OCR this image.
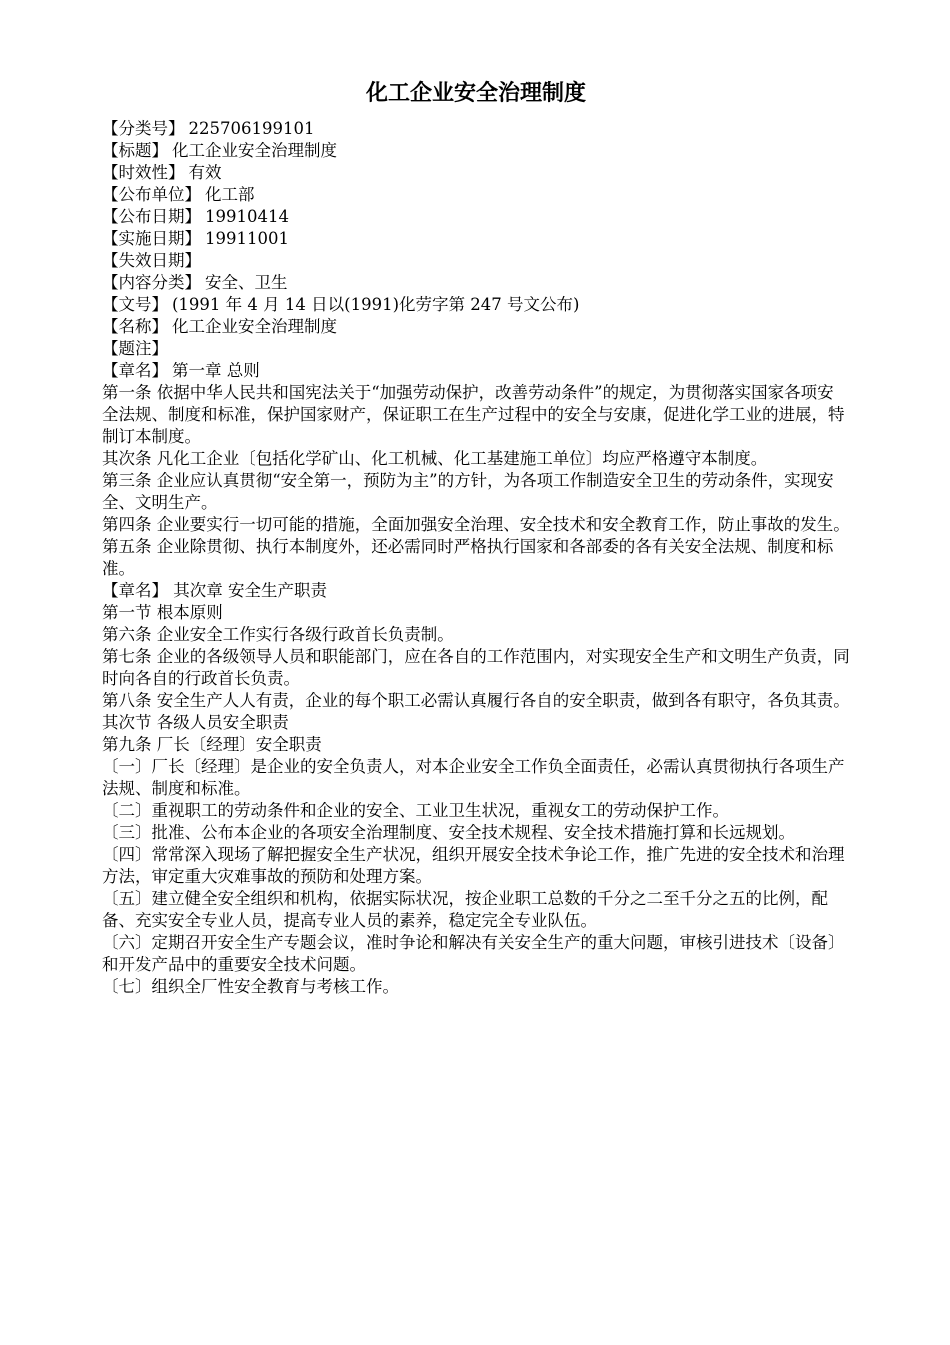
化工企业安全治理制度
【分类号】 225706199101
【标题】 化工企业安全治理制度
【时效性】 有效
【公布单位】 化工部
【公布日期】 19910414
【实施日期】 19911001
【失效日期】
【内容分类】 安全、卫生
【文号】 (1991 年 4 月 14 日以(1991)化劳字第 247 号文公布)
【名称】 化工企业安全治理制度
【题注】
【章名】 第一章 总则

第一条 依据中华人民共和国宪法关于“加强劳动保护，改善劳动条件”的规定，为贯彻落实国家各项安全法规、制度和标准，保护国家财产，保证职工在生产过程中的安全与安康，促进化学工业的进展，特制订本制度。

其次条 凡化工企业〔包括化学矿山、化工机械、化工基建施工单位〕均应严格遵守本制度。

第三条 企业应认真贯彻“安全第一，预防为主”的方针，为各项工作制造安全卫生的劳动条件，实现安全、文明生产。

第四条 企业要实行一切可能的措施，全面加强安全治理、安全技术和安全教育工作，防止事故的发生。

第五条 企业除贯彻、执行本制度外，还必需同时严格执行国家和各部委的各有关安全法规、制度和标准。

【章名】 其次章 安全生产职责

第一节 根本原则

第六条 企业安全工作实行各级行政首长负责制。

第七条 企业的各级领导人员和职能部门，应在各自的工作范围内，对实现安全生产和文明生产负责，同时向各自的行政首长负责。

第八条 安全生产人人有责，企业的每个职工必需认真履行各自的安全职责，做到各有职守，各负其责。

其次节 各级人员安全职责

第九条 厂长〔经理〕安全职责

〔一〕厂长〔经理〕是企业的安全负责人，对本企业安全工作负全面责任，必需认真贯彻执行各项生产法规、制度和标准。

〔二〕重视职工的劳动条件和企业的安全、工业卫生状况，重视女工的劳动保护工作。

〔三〕批准、公布本企业的各项安全治理制度、安全技术规程、安全技术措施打算和长远规划。

〔四〕常常深入现场了解把握安全生产状况，组织开展安全技术争论工作，推广先进的安全技术和治理方法，审定重大灾难事故的预防和处理方案。

〔五〕建立健全安全组织和机构，依据实际状况，按企业职工总数的千分之二至千分之五的比例，配备、充实安全专业人员，提高专业人员的素养，稳定完全专业队伍。

〔六〕定期召开安全生产专题会议，准时争论和解决有关安全生产的重大问题，审核引进技术〔设备〕和开发产品中的重要安全技术问题。

〔七〕组织全厂性安全教育与考核工作。
